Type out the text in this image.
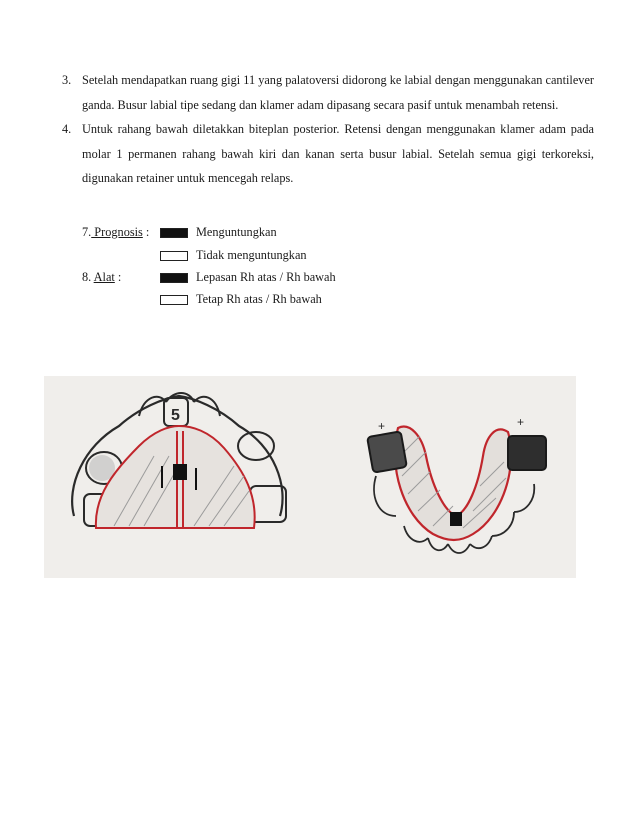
3. Setelah mendapatkan ruang gigi 11 yang palatoversi didorong ke labial dengan menggunakan cantilever ganda. Busur labial tipe sedang dan klamer adam dipasang secara pasif untuk menambah retensi.
4. Untuk rahang bawah diletakkan biteplan posterior. Retensi dengan menggunakan klamer adam pada molar 1 permanen rahang bawah kiri dan kanan serta busur labial. Setelah semua gigi terkoreksi, digunakan retainer untuk mencegah relaps.
7. Prognosis :	Menguntungkan
Tidak menguntungkan
8. Alat :	Lepasan Rh atas / Rh bawah
Tetap Rh atas / Rh bawah
5	+
+
